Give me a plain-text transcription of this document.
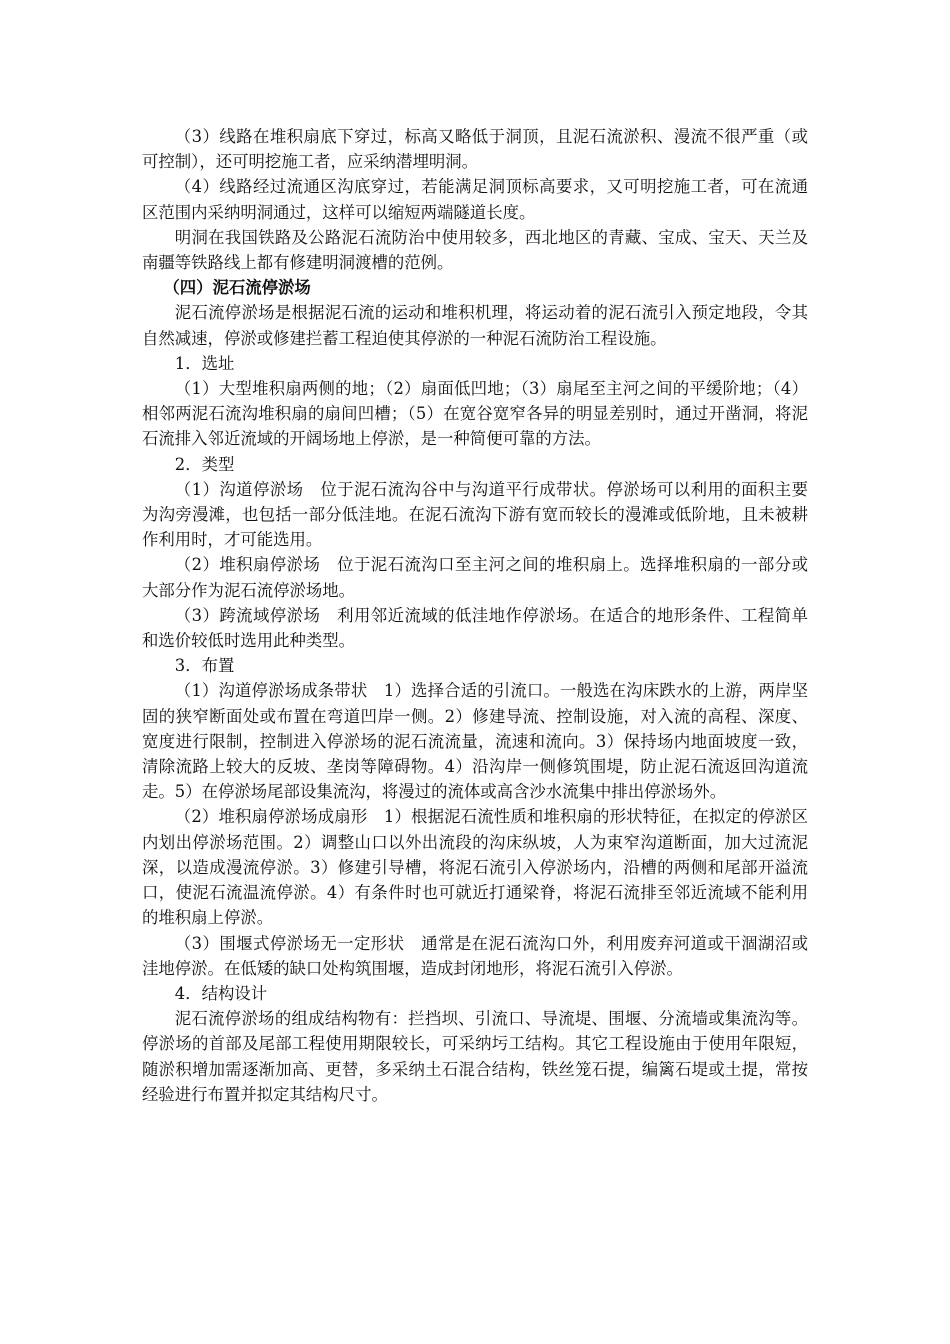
（3）线路在堆积扇底下穿过，标高又略低于洞顶，且泥石流淤积、漫流不很严重（或可控制），还可明挖施工者，应采纳潜埋明洞。

（4）线路经过流通区沟底穿过，若能满足洞顶标高要求，又可明挖施工者，可在流通区范围内采纳明洞通过，这样可以缩短两端隧道长度。

明洞在我国铁路及公路泥石流防治中使用较多，西北地区的青藏、宝成、宝天、天兰及南疆等铁路线上都有修建明洞渡槽的范例。

（四）泥石流停淤场

泥石流停淤场是根据泥石流的运动和堆积机理，将运动着的泥石流引入预定地段，令其自然减速，停淤或修建拦蓄工程迫使其停淤的一种泥石流防治工程设施。

1．选址

（1）大型堆积扇两侧的地；（2）扇面低凹地；（3）扇尾至主河之间的平缓阶地；（4）相邻两泥石流沟堆积扇的扇间凹槽；（5）在宽谷宽窄各异的明显差别时，通过开凿洞，将泥石流排入邻近流域的开阔场地上停淤，是一种简便可靠的方法。

2．类型

（1）沟道停淤场　位于泥石流沟谷中与沟道平行成带状。停淤场可以利用的面积主要为沟旁漫滩，也包括一部分低洼地。在泥石流沟下游有宽而较长的漫滩或低阶地，且未被耕作利用时，才可能选用。

（2）堆积扇停淤场　位于泥石流沟口至主河之间的堆积扇上。选择堆积扇的一部分或大部分作为泥石流停淤场地。

（3）跨流域停淤场　利用邻近流域的低洼地作停淤场。在适合的地形条件、工程简单和选价较低时选用此种类型。

3．布置

（1）沟道停淤场成条带状　1）选择合适的引流口。一般选在沟床跌水的上游，两岸坚固的狭窄断面处或布置在弯道凹岸一侧。2）修建导流、控制设施，对入流的高程、深度、宽度进行限制，控制进入停淤场的泥石流流量，流速和流向。3）保持场内地面坡度一致，清除流路上较大的反坡、垄岗等障碍物。4）沿沟岸一侧修筑围堤，防止泥石流返回沟道流走。5）在停淤场尾部设集流沟，将漫过的流体或高含沙水流集中排出停淤场外。

（2）堆积扇停淤场成扇形　1）根据泥石流性质和堆积扇的形状特征，在拟定的停淤区内划出停淤场范围。2）调整山口以外出流段的沟床纵坡，人为束窄沟道断面，加大过流泥深，以造成漫流停淤。3）修建引导槽，将泥石流引入停淤场内，沿槽的两侧和尾部开溢流口，使泥石流温流停淤。4）有条件时也可就近打通梁脊，将泥石流排至邻近流域不能利用的堆积扇上停淤。

（3）围堰式停淤场无一定形状　通常是在泥石流沟口外，利用废弃河道或干涸湖沼或洼地停淤。在低矮的缺口处构筑围堰，造成封闭地形，将泥石流引入停淤。

4．结构设计

泥石流停淤场的组成结构物有：拦挡坝、引流口、导流堤、围堰、分流墙或集流沟等。停淤场的首部及尾部工程使用期限较长，可采纳圬工结构。其它工程设施由于使用年限短，随淤积增加需逐渐加高、更替，多采纳土石混合结构，铁丝笼石提，编篱石堤或土提，常按经验进行布置并拟定其结构尺寸。
